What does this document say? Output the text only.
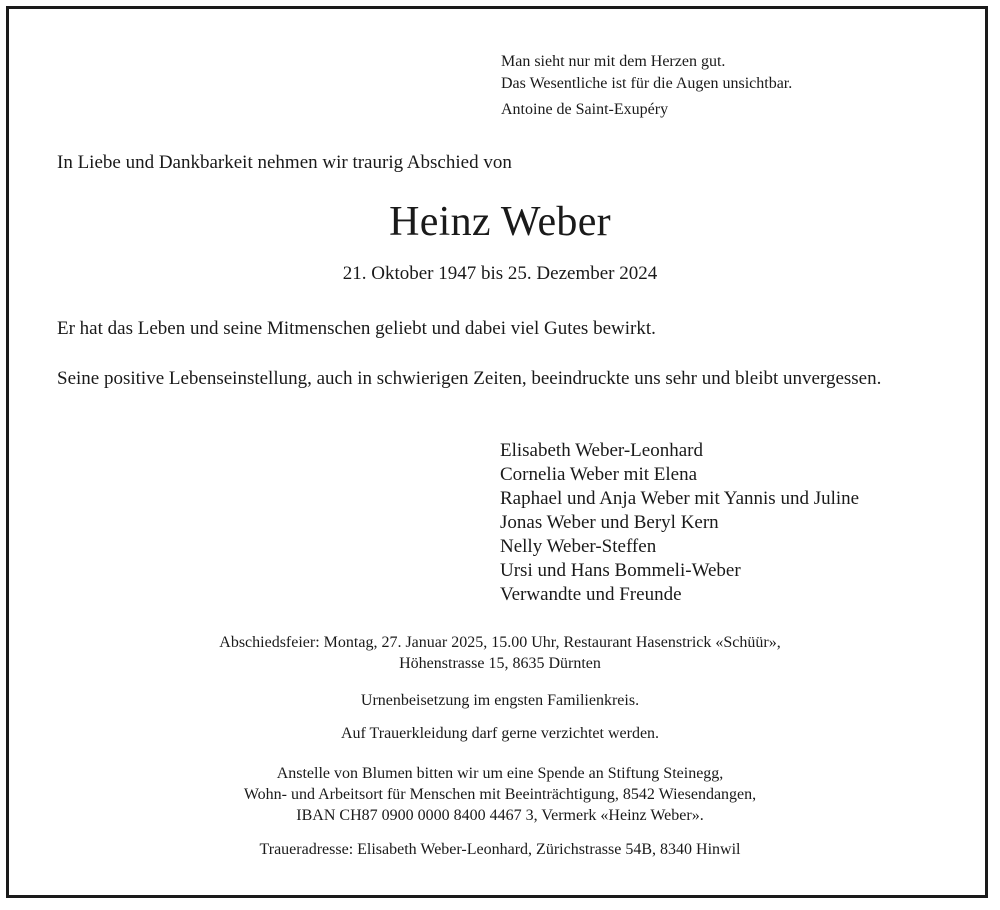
Man sieht nur mit dem Herzen gut.
Das Wesentliche ist für die Augen unsichtbar.
Antoine de Saint-Exupéry
In Liebe und Dankbarkeit nehmen wir traurig Abschied von
Heinz Weber
21. Oktober 1947 bis 25. Dezember 2024
Er hat das Leben und seine Mitmenschen geliebt und dabei viel Gutes bewirkt.
Seine positive Lebenseinstellung, auch in schwierigen Zeiten, beeindruckte uns sehr und bleibt unvergessen.
Elisabeth Weber-Leonhard
Cornelia Weber mit Elena
Raphael und Anja Weber mit Yannis und Juline
Jonas Weber und Beryl Kern
Nelly Weber-Steffen
Ursi und Hans Bommeli-Weber
Verwandte und Freunde
Abschiedsfeier: Montag, 27. Januar 2025, 15.00 Uhr, Restaurant Hasenstrick «Schüür»,
Höhenstrasse 15, 8635 Dürnten
Urnenbeisetzung im engsten Familienkreis.
Auf Trauerkleidung darf gerne verzichtet werden.
Anstelle von Blumen bitten wir um eine Spende an Stiftung Steinegg,
Wohn- und Arbeitsort für Menschen mit Beeinträchtigung, 8542 Wiesendangen,
IBAN CH87 0900 0000 8400 4467 3, Vermerk «Heinz Weber».
Traueradresse: Elisabeth Weber-Leonhard, Zürichstrasse 54B, 8340 Hinwil
